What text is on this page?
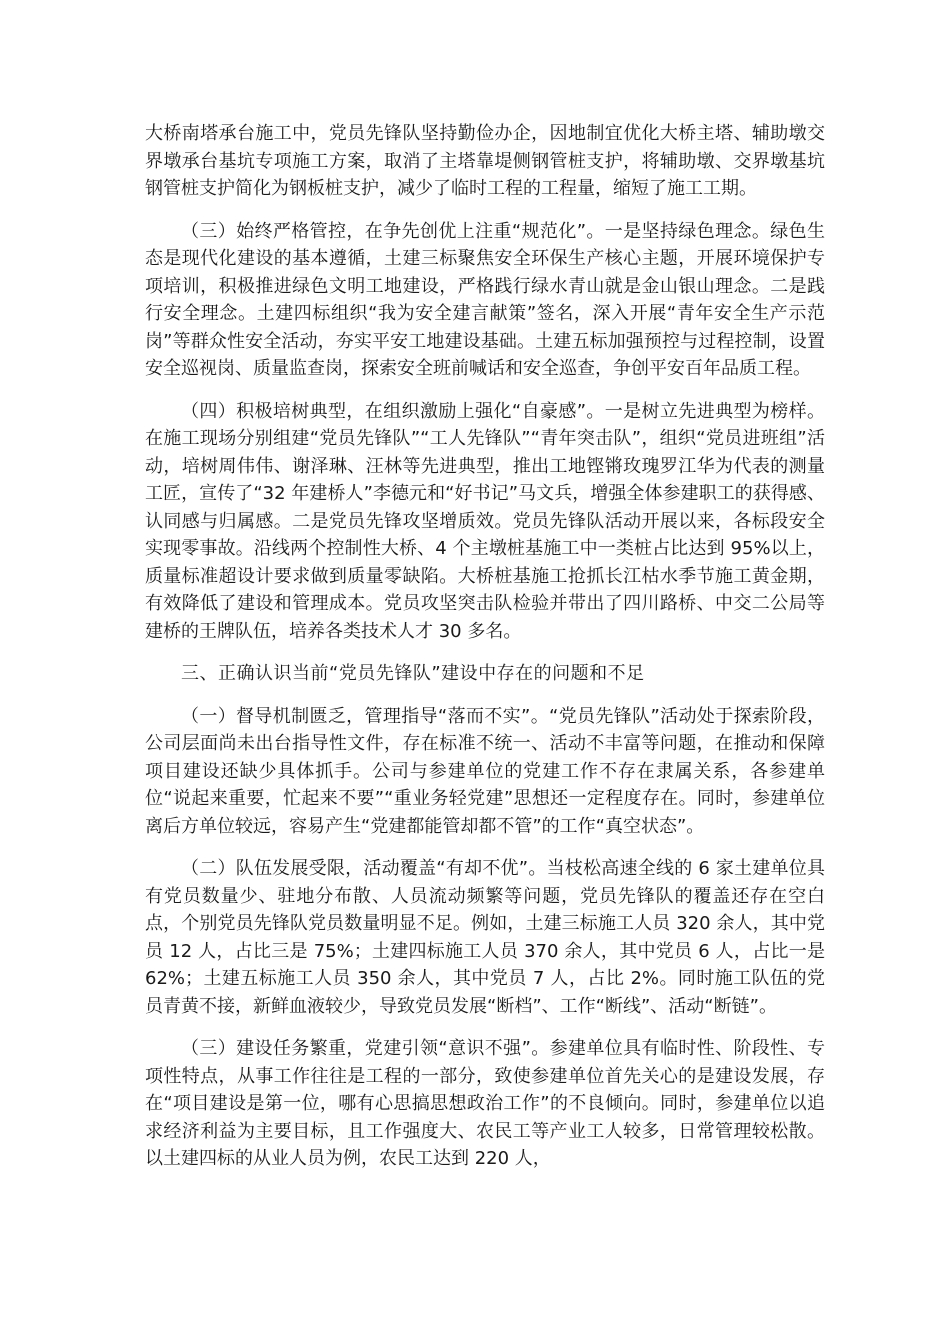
大桥南塔承台施工中，党员先锋队坚持勤俭办企，因地制宜优化大桥主塔、辅助墩交界墩承台基坑专项施工方案，取消了主塔靠堤侧钢管桩支护，将辅助墩、交界墩基坑钢管桩支护简化为钢板桩支护，减少了临时工程的工程量，缩短了施工工期。

（三）始终严格管控，在争先创优上注重“规范化”。一是坚持绿色理念。绿色生态是现代化建设的基本遵循，土建三标聚焦安全环保生产核心主题，开展环境保护专项培训，积极推进绿色文明工地建设，严格践行绿水青山就是金山银山理念。二是践行安全理念。土建四标组织“我为安全建言献策”签名，深入开展“青年安全生产示范岗”等群众性安全活动，夯实平安工地建设基础。土建五标加强预控与过程控制，设置安全巡视岗、质量监查岗，探索安全班前喊话和安全巡查，争创平安百年品质工程。

（四）积极培树典型，在组织激励上强化“自豪感”。一是树立先进典型为榜样。在施工现场分别组建“党员先锋队”“工人先锋队”“青年突击队”，组织“党员进班组”活动，培树周伟伟、谢泽琳、汪林等先进典型，推出工地铿锵玫瑰罗江华为代表的测量工匠，宣传了“32 年建桥人”李德元和“好书记”马文兵，增强全体参建职工的获得感、认同感与归属感。二是党员先锋攻坚增质效。党员先锋队活动开展以来，各标段安全实现零事故。沿线两个控制性大桥、4 个主墩桩基施工中一类桩占比达到 95%以上，质量标准超设计要求做到质量零缺陷。大桥桩基施工抢抓长江枯水季节施工黄金期，有效降低了建设和管理成本。党员攻坚突击队检验并带出了四川路桥、中交二公局等建桥的王牌队伍，培养各类技术人才 30 多名。

三、正确认识当前“党员先锋队”建设中存在的问题和不足

（一）督导机制匮乏，管理指导“落而不实”。“党员先锋队”活动处于探索阶段，公司层面尚未出台指导性文件，存在标准不统一、活动不丰富等问题，在推动和保障项目建设还缺少具体抓手。公司与参建单位的党建工作不存在隶属关系，各参建单位“说起来重要，忙起来不要”“重业务轻党建”思想还一定程度存在。同时，参建单位离后方单位较远，容易产生“党建都能管却都不管”的工作“真空状态”。

（二）队伍发展受限，活动覆盖“有却不优”。当枝松高速全线的 6 家土建单位具有党员数量少、驻地分布散、人员流动频繁等问题，党员先锋队的覆盖还存在空白点，个别党员先锋队党员数量明显不足。例如，土建三标施工人员 320 余人，其中党员 12 人，占比三是 75%；土建四标施工人员 370 余人，其中党员 6 人，占比一是 62%；土建五标施工人员 350 余人，其中党员 7 人，占比 2%。同时施工队伍的党员青黄不接，新鲜血液较少，导致党员发展“断档”、工作“断线”、活动“断链”。

（三）建设任务繁重，党建引领“意识不强”。参建单位具有临时性、阶段性、专项性特点，从事工作往往是工程的一部分，致使参建单位首先关心的是建设发展，存在“项目建设是第一位，哪有心思搞思想政治工作”的不良倾向。同时，参建单位以追求经济利益为主要目标，且工作强度大、农民工等产业工人较多，日常管理较松散。以土建四标的从业人员为例，农民工达到 220 人，
